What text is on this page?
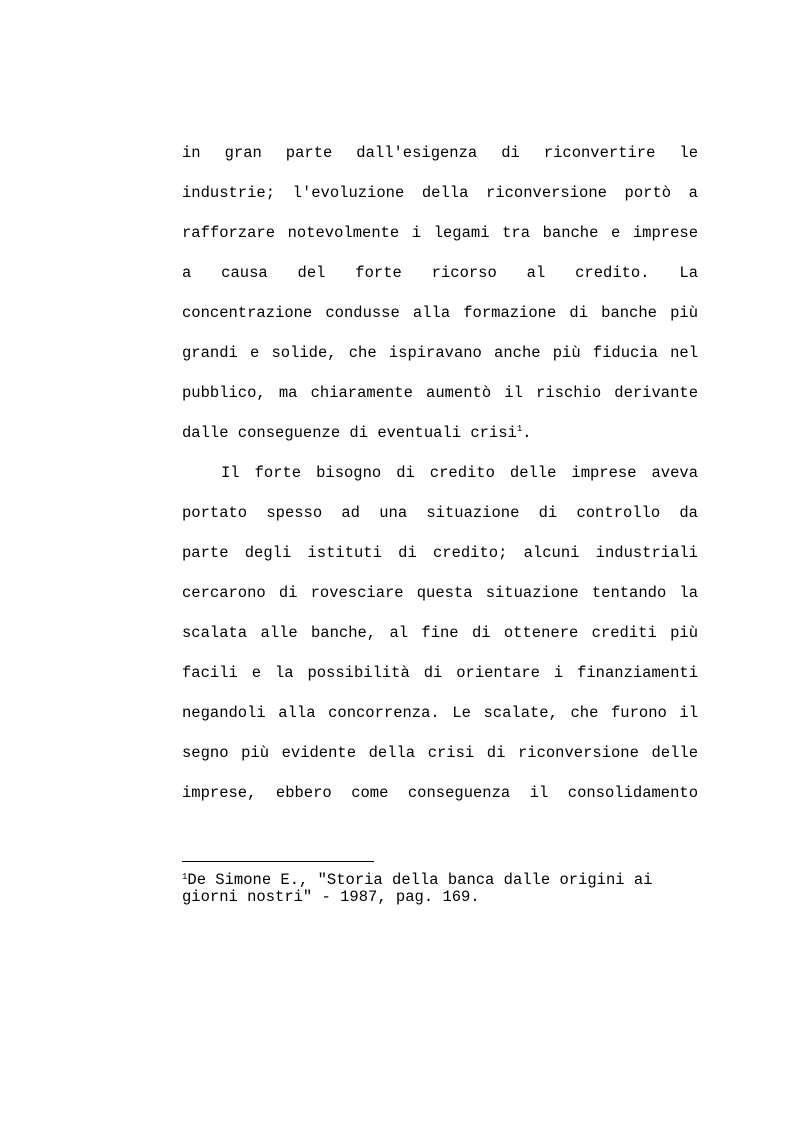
in gran parte dall'esigenza di riconvertire le
industrie; l'evoluzione della riconversione portò a
rafforzare notevolmente i legami tra banche e imprese
a causa del forte ricorso al credito. La
concentrazione condusse alla formazione di banche più
grandi e solide, che ispiravano anche più fiducia nel
pubblico, ma chiaramente aumentò il rischio derivante
dalle conseguenze di eventuali crisi$^1$.
Il forte bisogno di credito delle imprese aveva
portato spesso ad una situazione di controllo da
parte degli istituti di credito; alcuni industriali
cercarono di rovesciare questa situazione tentando la
scalata alle banche, al fine di ottenere crediti più
facili e la possibilità di orientare i finanziamenti
negandoli alla concorrenza. Le scalate, che furono il
segno più evidente della crisi di riconversione delle
imprese, ebbero come conseguenza il consolidamento
$^1$De Simone E., "Storia della banca dalle origini ai
giorni nostri" - 1987, pag. 169.
